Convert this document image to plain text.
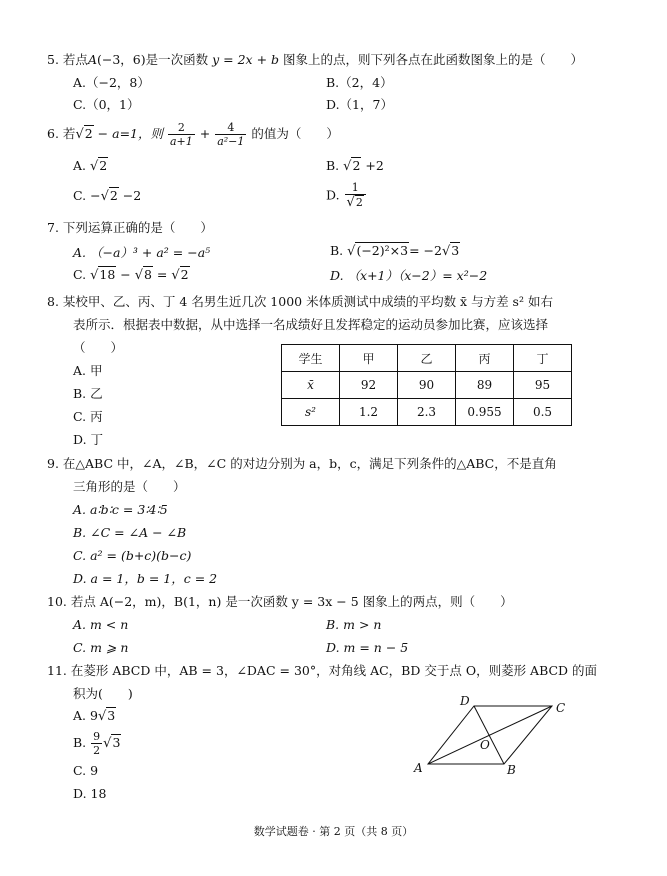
5. 若点A(−3，6)是一次函数 y = 2x + b 图象上的点，则下列各点在此函数图象上的是（　　）
A.（−2，8）	B.（2，4）
C.（0，1）	D.（1，7）
6. 若√2 − a=1，则 $\frac{2}{a+1} + \frac{4}{\text{a²−1}}$ 的值为（　　）
A. √2	B. √2 +2
C. −√2 −2	D. $\frac{1}{√2}$
7. 下列运算正确的是（　　）
A. （−a）³ + a² = −a⁵	B. √(−2)²×3= −2√3
C. √18 − √8 = √2	D. （x+1）（x−2）= x²−2
8. 某校甲、乙、丙、丁 4 名男生近几次 1000 米体质测试中成绩的平均数 x̄ 与方差 s² 如右
表所示．根据表中数据，从中选择一名成绩好且发挥稳定的运动员参加比赛，应该选择
（　　）
A. 甲
B. 乙
C. 丙
D. 丁
学生	甲	乙	丙	丁
x̄	92	90	89	95
s²	1.2	2.3	0.955	0.5
9. 在△ABC 中，∠A，∠B，∠C 的对边分别为 a，b，c，满足下列条件的△ABC，不是直角
三角形的是（　　）
A. a∶b∶c = 3∶4∶5
B. ∠C = ∠A − ∠B
C. a² = (b+c)(b−c)
D. a = 1，b = 1，c = 2
10. 若点 A(−2，m)，B(1，n) 是一次函数 y = 3x − 5 图象上的两点，则（　　）
A. m < n	B. m > n
C. m ⩾ n	D. m = n − 5
11. 在菱形 ABCD 中，AB = 3，∠DAC = 30°，对角线 AC，BD 交于点 O，则菱形 ABCD 的面
积为(　　)
A. 9√3
B. $\frac{9}{2} √3$
C. 9
D. 18
A	B
C
D
O
数学试题卷 · 第 2 页（共 8 页）
